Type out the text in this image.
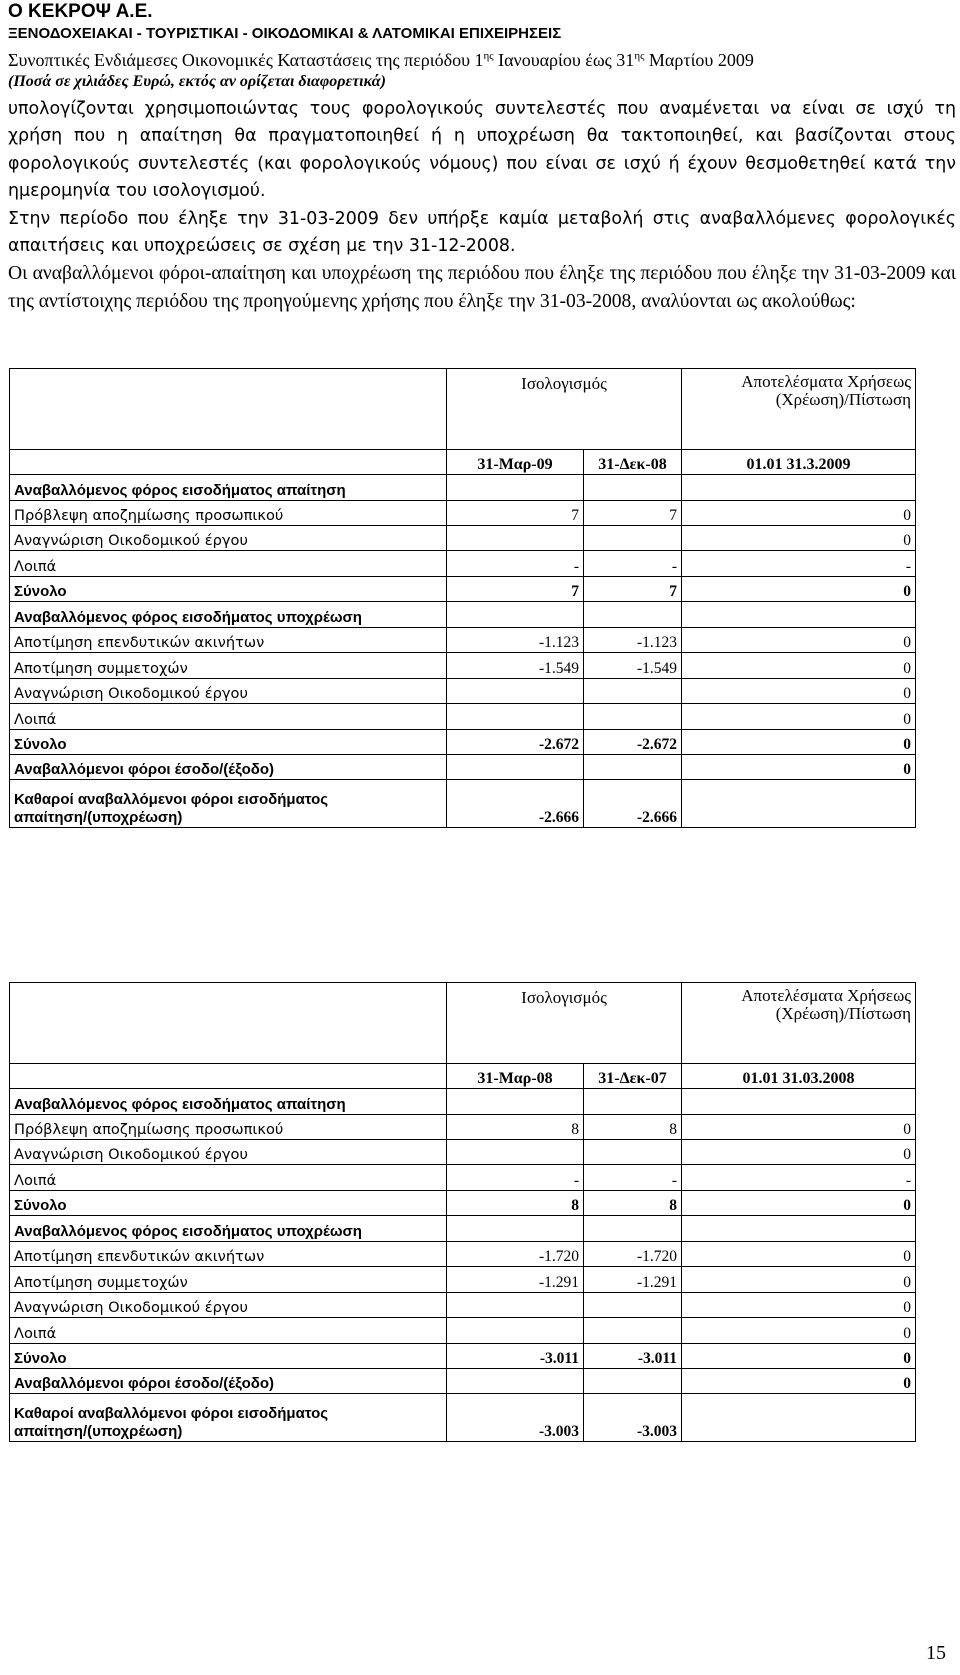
Ο ΚΕΚΡΟΨ Α.Ε.
ΞΕΝΟΔΟΧΕΙΑΚΑΙ - ΤΟΥΡΙΣΤΙΚΑΙ - ΟΙΚΟΔΟΜΙΚΑΙ & ΛΑΤΟΜΙΚΑΙ ΕΠΙΧΕΙΡΗΣΕΙΣ
Συνοπτικές Ενδιάμεσες Οικονομικές Καταστάσεις της περιόδου $1^{\eta\varsigma}$ Ιανουαρίου έως $31^{\eta\varsigma}$ Μαρτίου 2009
(Ποσά σε χιλιάδες Ευρώ, εκτός αν ορίζεται διαφορετικά)

υπολογίζονται χρησιμοποιώντας τους φορολογικούς συντελεστές που αναμένεται να είναι σε ισχύ τη χρήση που η απαίτηση θα πραγματοποιηθεί ή η υποχρέωση θα τακτοποιηθεί, και βασίζονται στους φορολογικούς συντελεστές (και φορολογικούς νόμους) που είναι σε ισχύ ή έχουν θεσμοθετηθεί κατά την ημερομηνία του ισολογισμού.

Στην περίοδο που έληξε την 31-03-2009 δεν υπήρξε καμία μεταβολή στις αναβαλλόμενες φορολογικές απαιτήσεις και υποχρεώσεις σε σχέση με την 31-12-2008.

Οι αναβαλλόμενοι φόροι-απαίτηση και υποχρέωση της περιόδου που έληξε της περιόδου που έληξε την 31-03-2009 και της αντίστοιχης περιόδου της προηγούμενης χρήσης που έληξε την 31-03-2008, αναλύονται ως ακολούθως:

	Ισολογισμός		Αποτελέσματα Χρήσεως (Χρέωση)/Πίστωση
	31-Μαρ-09	31-Δεκ-08	01.01 31.3.2009
Αναβαλλόμενος φόρος εισοδήματος απαίτηση			
Πρόβλεψη αποζημίωσης προσωπικού	7	7	0
Αναγνώριση Οικοδομικού έργου			0
Λοιπά	-	-	-
Σύνολο	7	7	0
Αναβαλλόμενος φόρος εισοδήματος υποχρέωση			
Αποτίμηση επενδυτικών ακινήτων	-1.123	-1.123	0
Αποτίμηση συμμετοχών	-1.549	-1.549	0
Αναγνώριση Οικοδομικού έργου			0
Λοιπά			0
Σύνολο	-2.672	-2.672	0
Αναβαλλόμενοι φόροι έσοδο/(έξοδο)			0
Καθαροί αναβαλλόμενοι φόροι εισοδήματος απαίτηση/(υποχρέωση)	-2.666	-2.666	
	Ισολογισμός		Αποτελέσματα Χρήσεως (Χρέωση)/Πίστωση
	31-Μαρ-08	31-Δεκ-07	01.01 31.03.2008
Αναβαλλόμενος φόρος εισοδήματος απαίτηση			
Πρόβλεψη αποζημίωσης προσωπικού	8	8	0
Αναγνώριση Οικοδομικού έργου			0
Λοιπά	-	-	-
Σύνολο	8	8	0
Αναβαλλόμενος φόρος εισοδήματος υποχρέωση			
Αποτίμηση επενδυτικών ακινήτων	-1.720	-1.720	0
Αποτίμηση συμμετοχών	-1.291	-1.291	0
Αναγνώριση Οικοδομικού έργου			0
Λοιπά			0
Σύνολο	-3.011	-3.011	0
Αναβαλλόμενοι φόροι έσοδο/(έξοδο)			0
Καθαροί αναβαλλόμενοι φόροι εισοδήματος απαίτηση/(υποχρέωση)	-3.003	-3.003	
15
